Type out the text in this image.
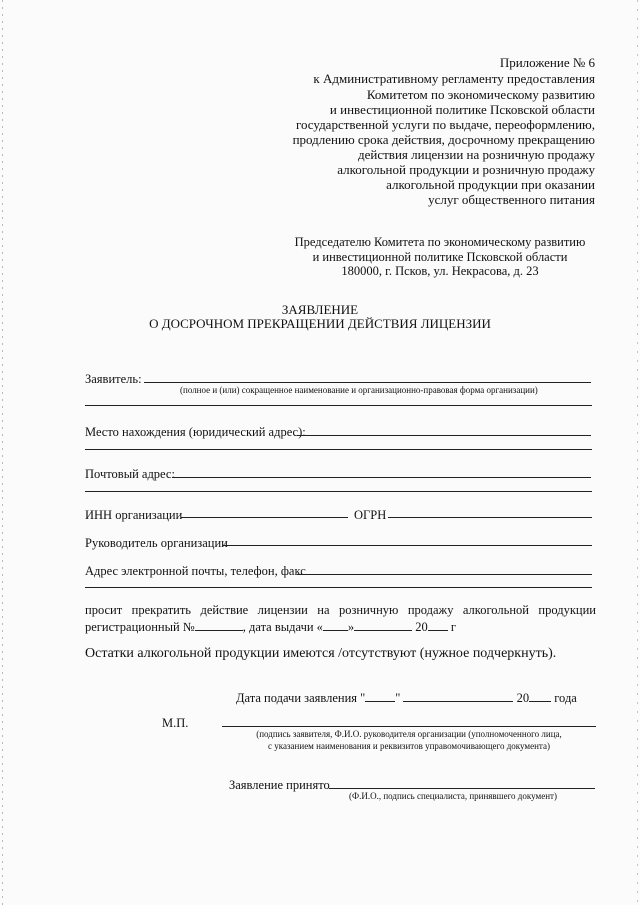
Приложение № 6
к Административному регламенту предоставления
Комитетом по экономическому развитию
и инвестиционной политике Псковской области
государственной услуги по выдаче, переоформлению,
продлению срока действия, досрочному прекращению
действия лицензии на розничную продажу
алкогольной продукции и розничную продажу
алкогольной продукции при оказании
услуг общественного питания
Председателю Комитета по экономическому развитию
и инвестиционной политике Псковской области
180000, г. Псков, ул. Некрасова, д. 23
ЗАЯВЛЕНИЕ
О ДОСРОЧНОМ ПРЕКРАЩЕНИИ ДЕЙСТВИЯ ЛИЦЕНЗИИ
Заявитель:
(полное и (или) сокращенное наименование и организационно-правовая форма организации)
Место нахождения (юридический адрес):
Почтовый адрес:
ИНН организации	ОГРН
Руководитель организации
Адрес электронной почты, телефон, факс
просит прекратить действие лицензии на розничную продажу алкогольной продукции
регистрационный №	, дата выдачи « »	20 г
Остатки алкогольной продукции имеются /отсутствуют (нужное подчеркнуть).
Дата подачи заявления " "	20 года
М.П.
(подпись заявителя, Ф.И.О. руководителя организации (уполномоченного лица,
с указанием наименования и реквизитов управомочивающего документа)
Заявление принято
(Ф.И.О., подпись специалиста, принявшего документ)
